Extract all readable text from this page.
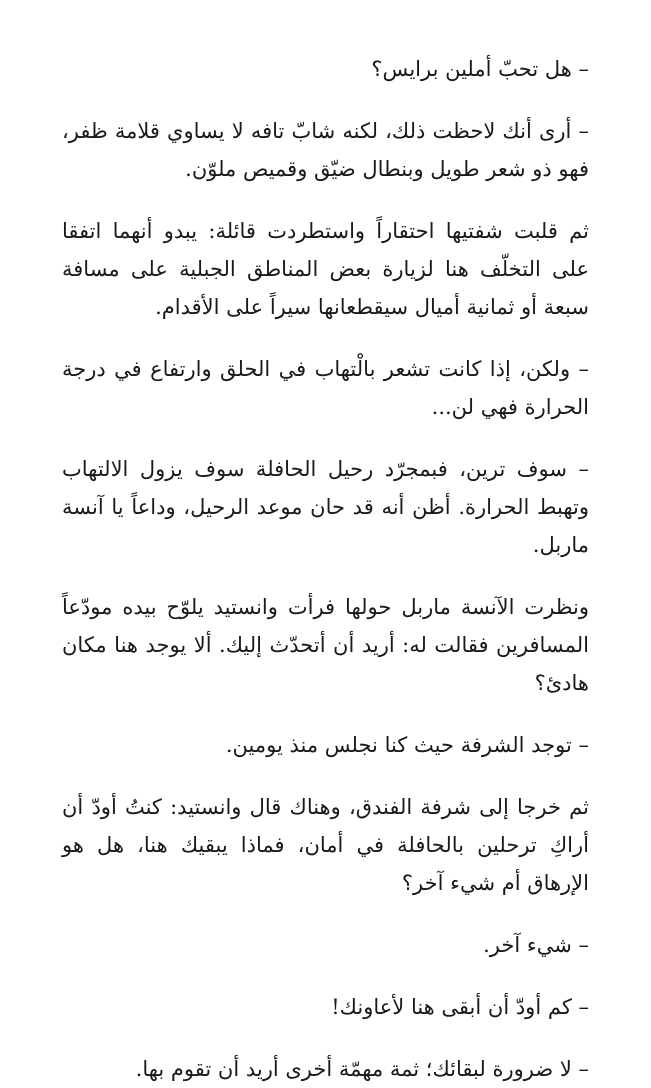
– هل تحبّ أملين برايس؟

– أرى أنك لاحظت ذلك، لكنه شابّ تافه لا يساوي قلامة ظفر، فهو ذو شعر طويل وبنطال ضيّق وقميص ملوّن.

ثم قلبت شفتيها احتقاراً واستطردت قائلة: يبدو أنهما اتفقا على التخلّف هنا لزيارة بعض المناطق الجبلية على مسافة سبعة أو ثمانية أميال سيقطعانها سيراً على الأقدام.

– ولكن، إذا كانت تشعر بالْتهاب في الحلق وارتفاع في درجة الحرارة فهي لن...

– سوف ترين، فبمجرّد رحيل الحافلة سوف يزول الالتهاب وتهبط الحرارة. أظن أنه قد حان موعد الرحيل، وداعاً يا آنسة ماربل.

ونظرت الآنسة ماربل حولها فرأت وانستيد يلوّح بيده مودّعاً المسافرين فقالت له: أريد أن أتحدّث إليك. ألا يوجد هنا مكان هادئ؟

– توجد الشرفة حيث كنا نجلس منذ يومين.

ثم خرجا إلى شرفة الفندق، وهناك قال وانستيد: كنتُ أودّ أن أراكِ ترحلين بالحافلة في أمان، فماذا يبقيك هنا، هل هو الإرهاق أم شيء آخر؟

– شيء آخر.

– كم أودّ أن أبقى هنا لأعاونك!

– لا ضرورة لبقائك؛ ثمة مهمّة أخرى أريد أن تقوم بها.
